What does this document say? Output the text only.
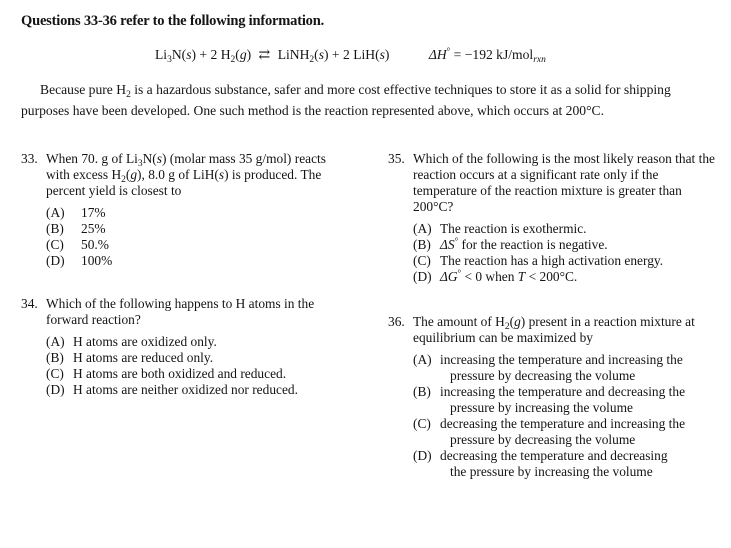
Questions 33-36 refer to the following information.
$Li_3N(s) + 2$ $H_2(g)$ ⇄ LiNH$_2$(s) + 2 LiH(s)	ΔH° = −192 kJ/mol$_{rxn}$
Because pure $H_2$ is a hazardous substance, safer and more cost effective techniques to store it as a solid for shipping purposes have been developed. One such method is the reaction represented above, which occurs at 200°C.
33. When 70. g of $Li_3N(s)$ (molar mass 35 g/mol) reacts with excess $H_2(g)$, 8.0 g of LiH(s) is produced. The percent yield is closest to
(A)	17%
(B)	25%
(C)	50.%
(D)	100%
34. Which of the following happens to H atoms in the forward reaction?
(A) H atoms are oxidized only.
(B) H atoms are reduced only.
(C) H atoms are both oxidized and reduced.
(D) H atoms are neither oxidized nor reduced.
35. Which of the following is the most likely reason that the reaction occurs at a significant rate only if the temperature of the reaction mixture is greater than 200°C?
(A) The reaction is exothermic.
(B) ΔS° for the reaction is negative.
(C) The reaction has a high activation energy.
(D) ΔG° < 0 when T < 200°C.
36. The amount of $H_2(g)$ present in a reaction mixture at equilibrium can be maximized by
(A) increasing the temperature and increasing the
pressure by decreasing the volume
(B) increasing the temperature and decreasing the
pressure by increasing the volume
(C) decreasing the temperature and increasing the
pressure by decreasing the volume
(D) decreasing the temperature and decreasing
the pressure by increasing the volume
